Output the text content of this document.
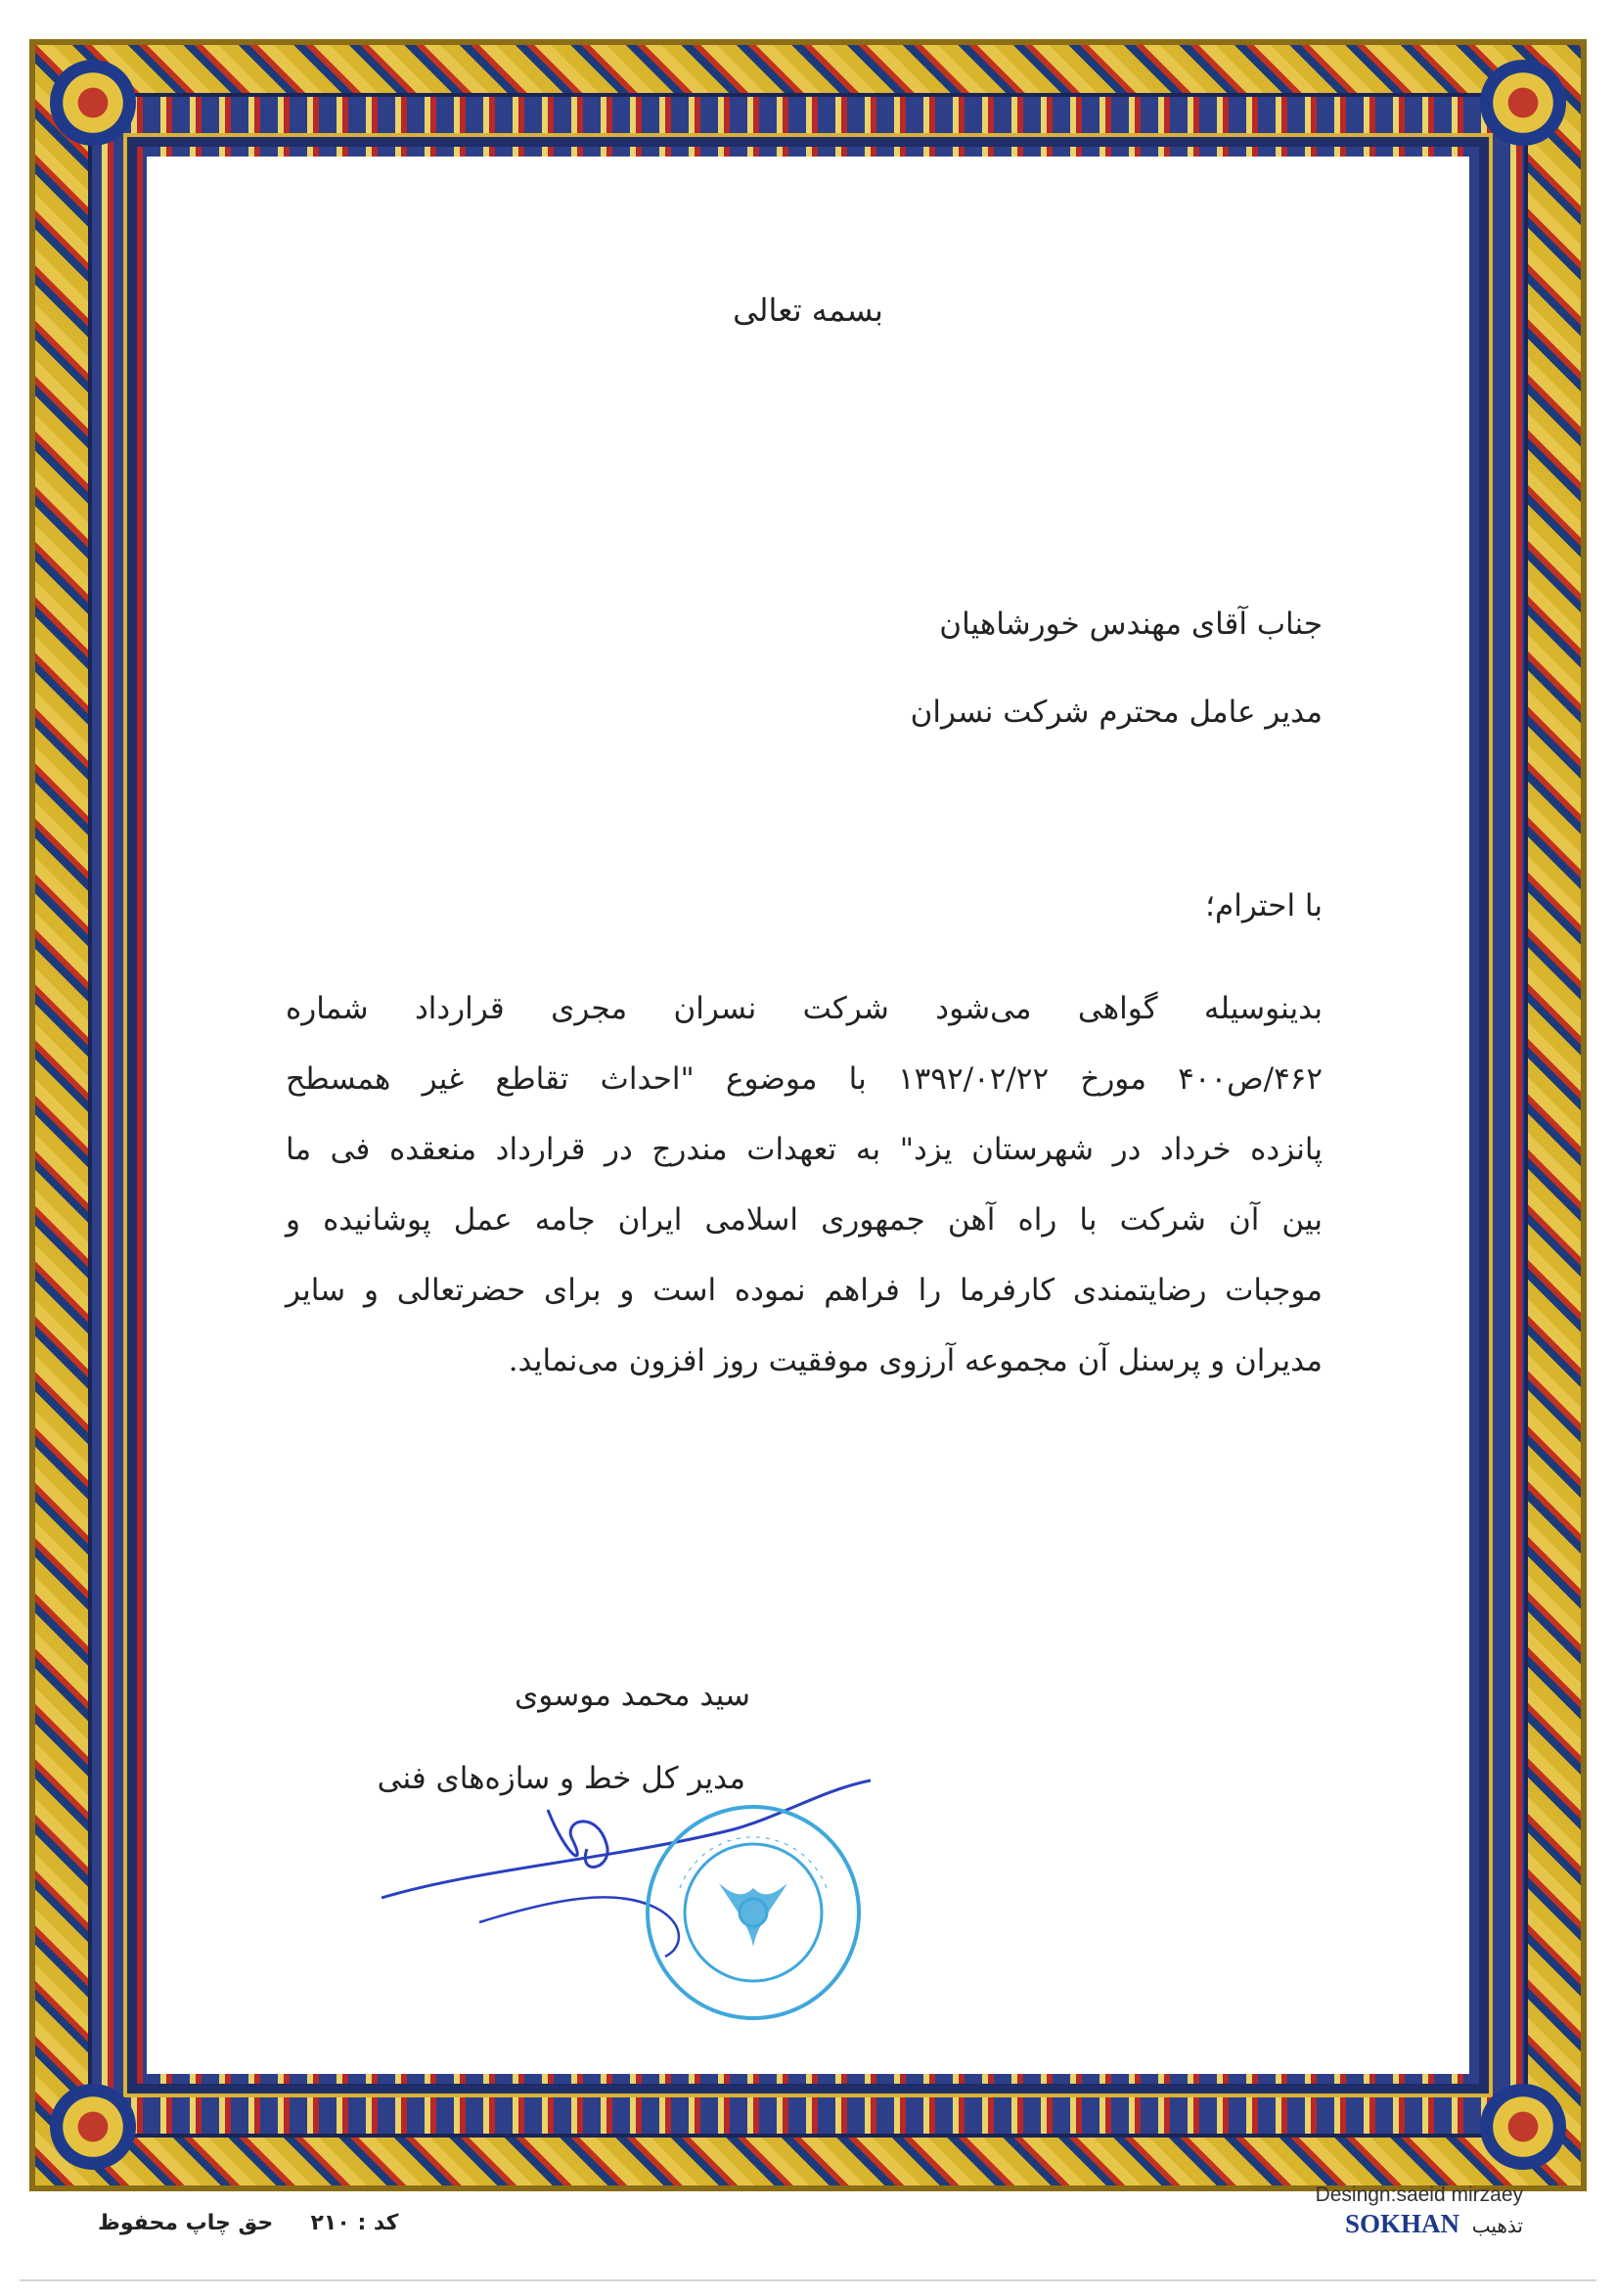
بسمه تعالی
جناب آقای مهندس خورشاهیان
مدیر عامل محترم شرکت نسران
با احترام؛
بدینوسیله گواهی می‌شود شرکت نسران مجری قرارداد شماره
۴۶۲/ص۴۰۰ مورخ ۱۳۹۲/۰۲/۲۲ با موضوع "احداث تقاطع غیر همسطح
پانزده خرداد در شهرستان یزد" به تعهدات مندرج در قرارداد منعقده فی ما
بین آن شرکت با راه آهن جمهوری اسلامی ایران جامه عمل پوشانیده و
موجبات رضایتمندی کارفرما را فراهم نموده است و برای حضرتعالی و سایر
مدیران و پرسنل آن مجموعه آرزوی موفقیت روز افزون می‌نماید.
سید محمد موسوی
مدیر کل خط و سازه‌های فنی
کد : ۲۱۰     حق چاپ محفوظ
Desingn:saeid mirzaey
SOKHAN تذهیب
